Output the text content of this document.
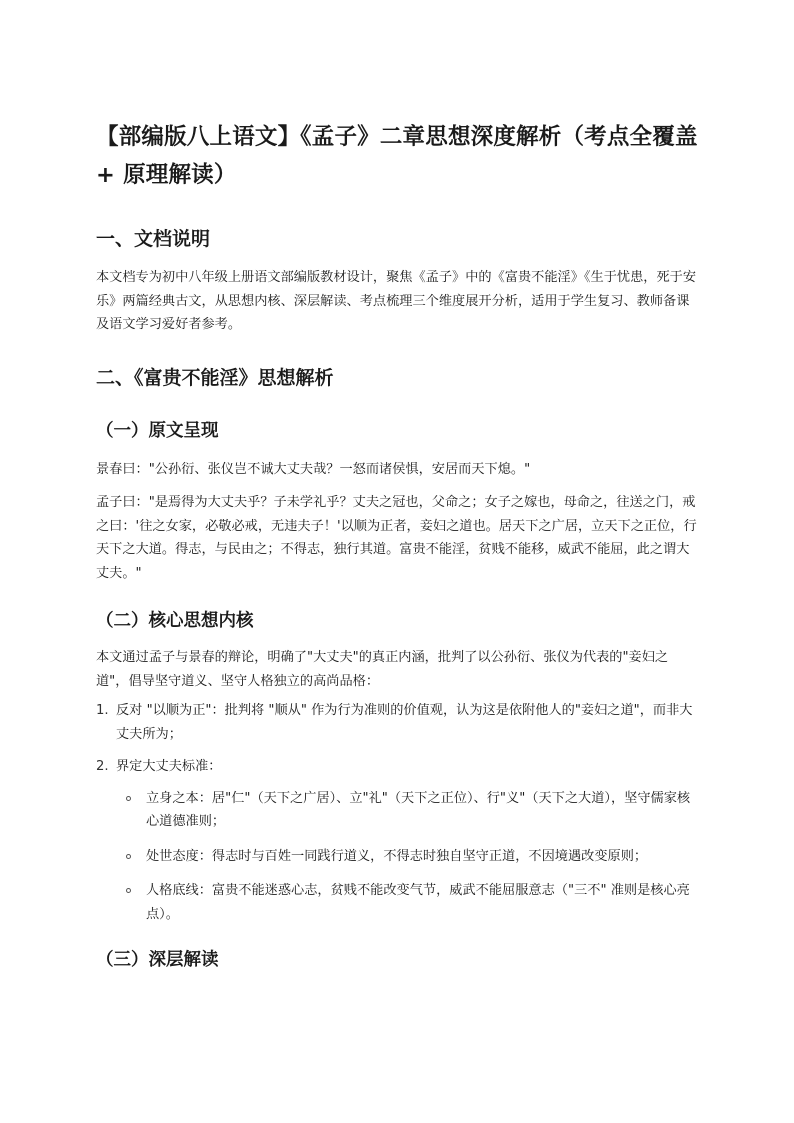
【部编版八上语文】《孟子》二章思想深度解析（考点全覆盖 + 原理解读）
一、文档说明

本文档专为初中八年级上册语文部编版教材设计，聚焦《孟子》中的《富贵不能淫》《生于忧患，死于安乐》两篇经典古文，从思想内核、深层解读、考点梳理三个维度展开分析，适用于学生复习、教师备课及语文学习爱好者参考。

二、《富贵不能淫》思想解析
（一）原文呈现

景春曰："公孙衍、张仪岂不诚大丈夫哉？一怒而诸侯惧，安居而天下熄。"

孟子曰："是焉得为大丈夫乎？子未学礼乎？丈夫之冠也，父命之；女子之嫁也，母命之，往送之门，戒之曰：'往之女家，必敬必戒，无违夫子！'以顺为正者，妾妇之道也。居天下之广居，立天下之正位，行天下之大道。得志，与民由之；不得志，独行其道。富贵不能淫，贫贱不能移，威武不能屈，此之谓大丈夫。"

（二）核心思想内核

本文通过孟子与景春的辩论，明确了"大丈夫"的真正内涵，批判了以公孙衍、张仪为代表的"妾妇之道"，倡导坚守道义、坚守人格独立的高尚品格：

1. 反对 "以顺为正"：批判将 "顺从" 作为行为准则的价值观，认为这是依附他人的"妾妇之道"，而非大丈夫所为；
2. 界定大丈夫标准：
立身之本：居"仁"（天下之广居）、立"礼"（天下之正位）、行"义"（天下之大道），坚守儒家核心道德准则；
处世态度：得志时与百姓一同践行道义，不得志时独自坚守正道，不因境遇改变原则；
人格底线：富贵不能迷惑心志，贫贱不能改变气节，威武不能屈服意志（"三不" 准则是核心亮点）。
（三）深层解读
